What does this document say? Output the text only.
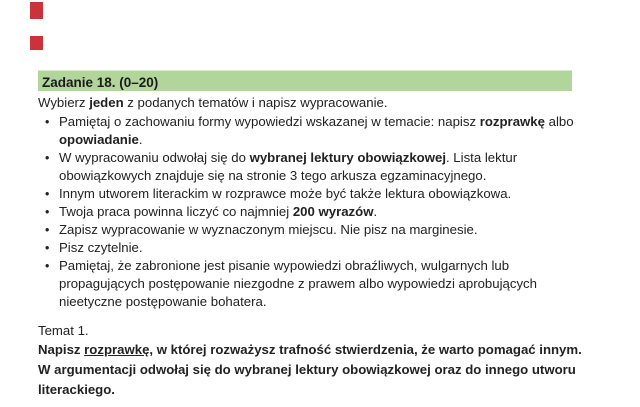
Zadanie 18. (0–20)
Wybierz jeden z podanych tematów i napisz wypracowanie.
• Pamiętaj o zachowaniu formy wypowiedzi wskazanej w temacie: napisz rozprawkę albo
opowiadanie.
• W wypracowaniu odwołaj się do wybranej lektury obowiązkowej. Lista lektur
obowiązkowych znajduje się na stronie 3 tego arkusza egzaminacyjnego.
• Innym utworem literackim w rozprawce może być także lektura obowiązkowa.
• Twoja praca powinna liczyć co najmniej 200 wyrazów.
• Zapisz wypracowanie w wyznaczonym miejscu. Nie pisz na marginesie.
• Pisz czytelnie.
• Pamiętaj, że zabronione jest pisanie wypowiedzi obraźliwych, wulgarnych lub
propagujących postępowanie niezgodne z prawem albo wypowiedzi aprobujących
nieetyczne postępowanie bohatera.
Temat 1.
Napisz rozprawkę, w której rozważysz trafność stwierdzenia, że warto pomagać innym.
W argumentacji odwołaj się do wybranej lektury obowiązkowej oraz do innego utworu
literackiego.
